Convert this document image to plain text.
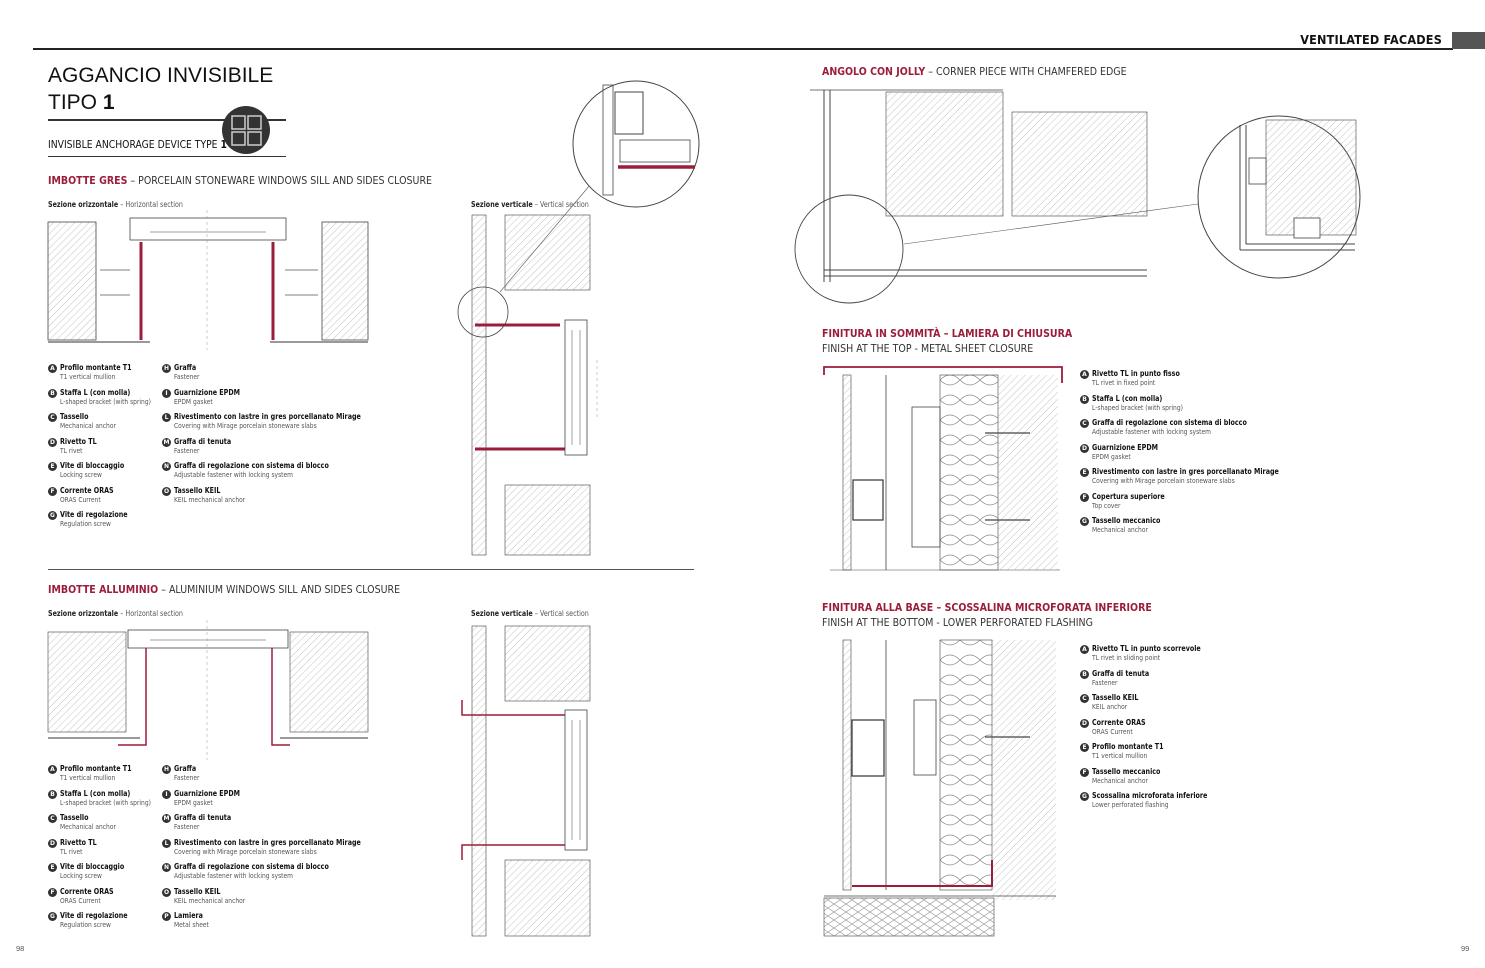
VENTILATED FACADES
AGGANCIO INVISIBILE
TIPO 1
INVISIBLE ANCHORAGE DEVICE TYPE 1
IMBOTTE GRES – PORCELAIN STONEWARE WINDOWS SILL AND SIDES CLOSURE
IMBOTTE ALLUMINIO – ALUMINIUM WINDOWS SILL AND SIDES CLOSURE
ANGOLO CON JOLLY – CORNER PIECE WITH CHAMFERED EDGE
FINITURA IN SOMMITÀ – LAMIERA DI CHIUSURA
FINISH AT THE TOP - METAL SHEET CLOSURE
FINITURA ALLA BASE – SCOSSALINA MICROFORATA INFERIORE
FINISH AT THE BOTTOM - LOWER PERFORATED FLASHING
Sezione orizzontale – Horizontal section	Sezione verticale – Vertical section
Sezione orizzontale – Horizontal section	Sezione verticale – Vertical section
A Profilo montante T1
T1 vertical mullion
B Staffa L (con molla)
L-shaped bracket (with spring)
C Tassello
Mechanical anchor
D Rivetto TL
TL rivet
E Vite di bloccaggio
Locking screw
F Corrente ORAS
ORAS Current
G Vite di regolazione
Regulation screw
H Graffa
Fastener
I Guarnizione EPDM
EPDM gasket
L Rivestimento con lastre in gres porcellanato Mirage
Covering with Mirage porcelain stoneware slabs
M Graffa di tenuta
Fastener
N Graffa di regolazione con sistema di blocco
Adjustable fastener with locking system
O Tassello KEIL
KEIL mechanical anchor
A Profilo montante T1
T1 vertical mullion
B Staffa L (con molla)
L-shaped bracket (with spring)
C Tassello
Mechanical anchor
D Rivetto TL
TL rivet
E Vite di bloccaggio
Locking screw
F Corrente ORAS
ORAS Current
G Vite di regolazione
Regulation screw
H Graffa
Fastener
I Guarnizione EPDM
EPDM gasket
M Graffa di tenuta
Fastener
L Rivestimento con lastre in gres porcellanato Mirage
Covering with Mirage porcelain stoneware slabs
N Graffa di regolazione con sistema di blocco
Adjustable fastener with locking system
O Tassello KEIL
KEIL mechanical anchor
P Lamiera
Metal sheet
A Rivetto TL in punto fisso
TL rivet in fixed point
B Staffa L (con molla)
L-shaped bracket (with spring)
C Graffa di regolazione con sistema di blocco
Adjustable fastener with locking system
D Guarnizione EPDM
EPDM gasket
E Rivestimento con lastre in gres porcellanato Mirage
Covering with Mirage porcelain stoneware slabs
F Copertura superiore
Top cover
G Tassello meccanico
Mechanical anchor
A Rivetto TL in punto scorrevole
TL rivet in sliding point
B Graffa di tenuta
Fastener
C Tassello KEIL
KEIL anchor
D Corrente ORAS
ORAS Current
E Profilo montante T1
T1 vertical mullion
F Tassello meccanico
Mechanical anchor
G Scossalina microforata inferiore
Lower perforated flashing
98	99
